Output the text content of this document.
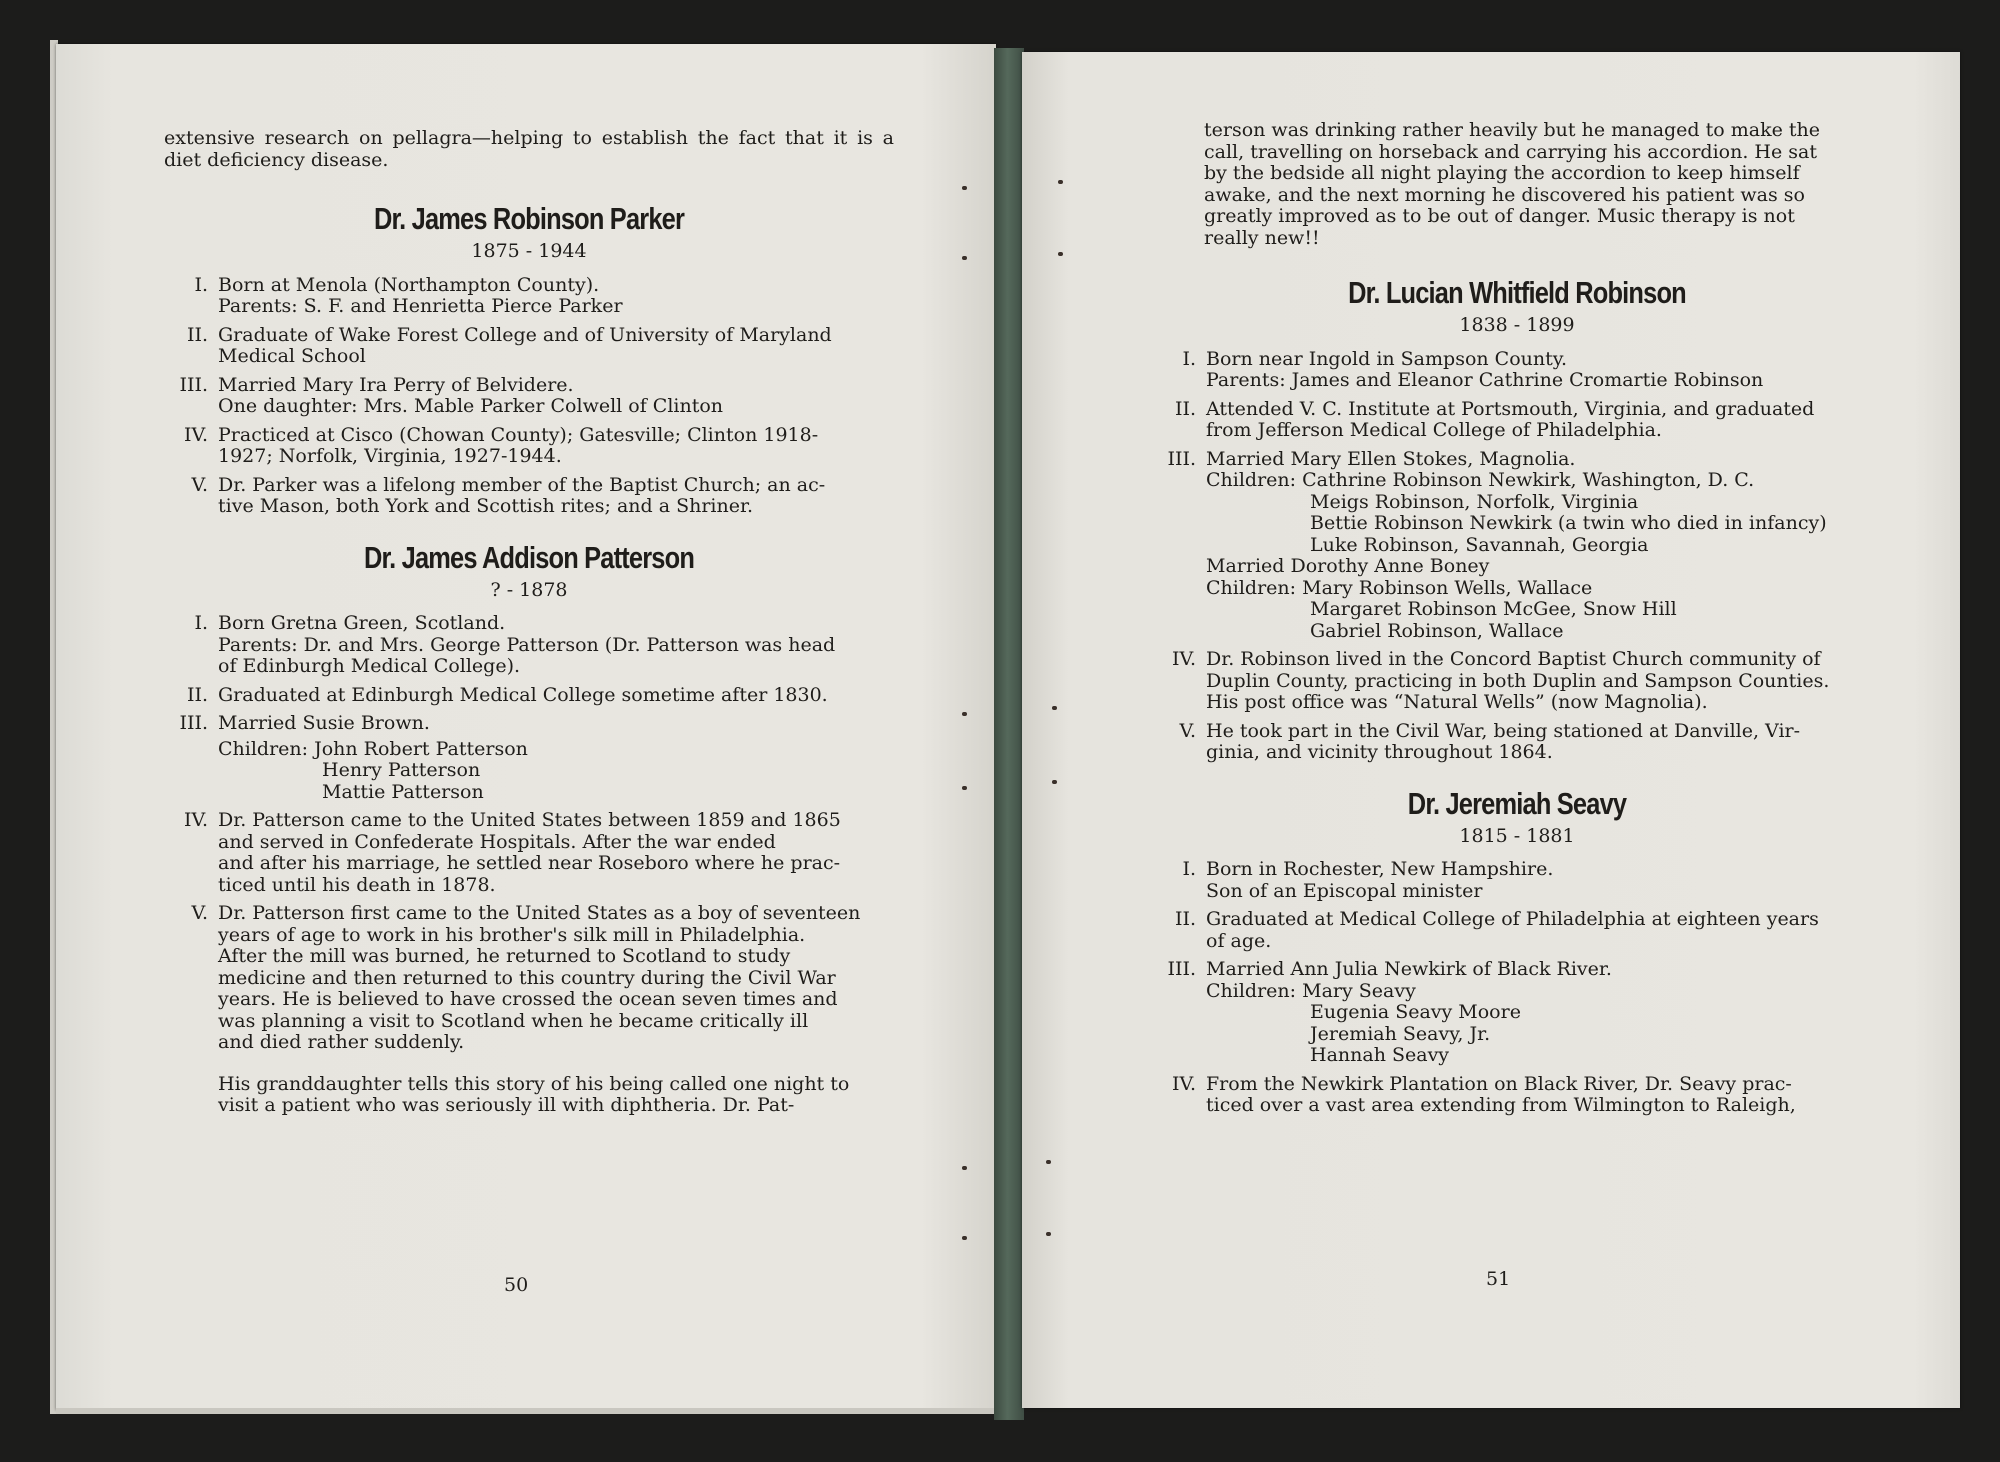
extensive research on pellagra—helping to establish the fact that it is a diet deficiency disease.

Dr. James Robinson Parker
1875 - 1944
I. Born at Menola (Northampton County).
Parents: S. F. and Henrietta Pierce Parker
II. Graduate of Wake Forest College and of University of Maryland
Medical School
III. Married Mary Ira Perry of Belvidere.
One daughter: Mrs. Mable Parker Colwell of Clinton
IV. Practiced at Cisco (Chowan County); Gatesville; Clinton 1918-
1927; Norfolk, Virginia, 1927-1944.
V. Dr. Parker was a lifelong member of the Baptist Church; an ac-
tive Mason, both York and Scottish rites; and a Shriner.
Dr. James Addison Patterson
? - 1878
I. Born Gretna Green, Scotland.
Parents: Dr. and Mrs. George Patterson (Dr. Patterson was head
of Edinburgh Medical College).
II. Graduated at Edinburgh Medical College sometime after 1830.
III. Married Susie Brown.
Children: John Robert Patterson
Henry Patterson
Mattie Patterson
IV. Dr. Patterson came to the United States between 1859 and 1865
and served in Confederate Hospitals. After the war ended
and after his marriage, he settled near Roseboro where he prac-
ticed until his death in 1878.
V. Dr. Patterson first came to the United States as a boy of seventeen
years of age to work in his brother's silk mill in Philadelphia.
After the mill was burned, he returned to Scotland to study
medicine and then returned to this country during the Civil War
years. He is believed to have crossed the ocean seven times and
was planning a visit to Scotland when he became critically ill
and died rather suddenly.
His granddaughter tells this story of his being called one night to
visit a patient who was seriously ill with diphtheria. Dr. Pat-
50
terson was drinking rather heavily but he managed to make the
call, travelling on horseback and carrying his accordion. He sat
by the bedside all night playing the accordion to keep himself
awake, and the next morning he discovered his patient was so
greatly improved as to be out of danger. Music therapy is not
really new!!
Dr. Lucian Whitfield Robinson
1838 - 1899
I. Born near Ingold in Sampson County.
Parents: James and Eleanor Cathrine Cromartie Robinson
II. Attended V. C. Institute at Portsmouth, Virginia, and graduated
from Jefferson Medical College of Philadelphia.
III. Married Mary Ellen Stokes, Magnolia.
Children: Cathrine Robinson Newkirk, Washington, D. C.
Meigs Robinson, Norfolk, Virginia
Bettie Robinson Newkirk (a twin who died in infancy)
Luke Robinson, Savannah, Georgia
Married Dorothy Anne Boney
Children: Mary Robinson Wells, Wallace
Margaret Robinson McGee, Snow Hill
Gabriel Robinson, Wallace
IV. Dr. Robinson lived in the Concord Baptist Church community of
Duplin County, practicing in both Duplin and Sampson Counties.
His post office was “Natural Wells” (now Magnolia).
V. He took part in the Civil War, being stationed at Danville, Vir-
ginia, and vicinity throughout 1864.
Dr. Jeremiah Seavy
1815 - 1881
I. Born in Rochester, New Hampshire.
Son of an Episcopal minister
II. Graduated at Medical College of Philadelphia at eighteen years
of age.
III. Married Ann Julia Newkirk of Black River.
Children: Mary Seavy
Eugenia Seavy Moore
Jeremiah Seavy, Jr.
Hannah Seavy
IV. From the Newkirk Plantation on Black River, Dr. Seavy prac-
ticed over a vast area extending from Wilmington to Raleigh,
51
